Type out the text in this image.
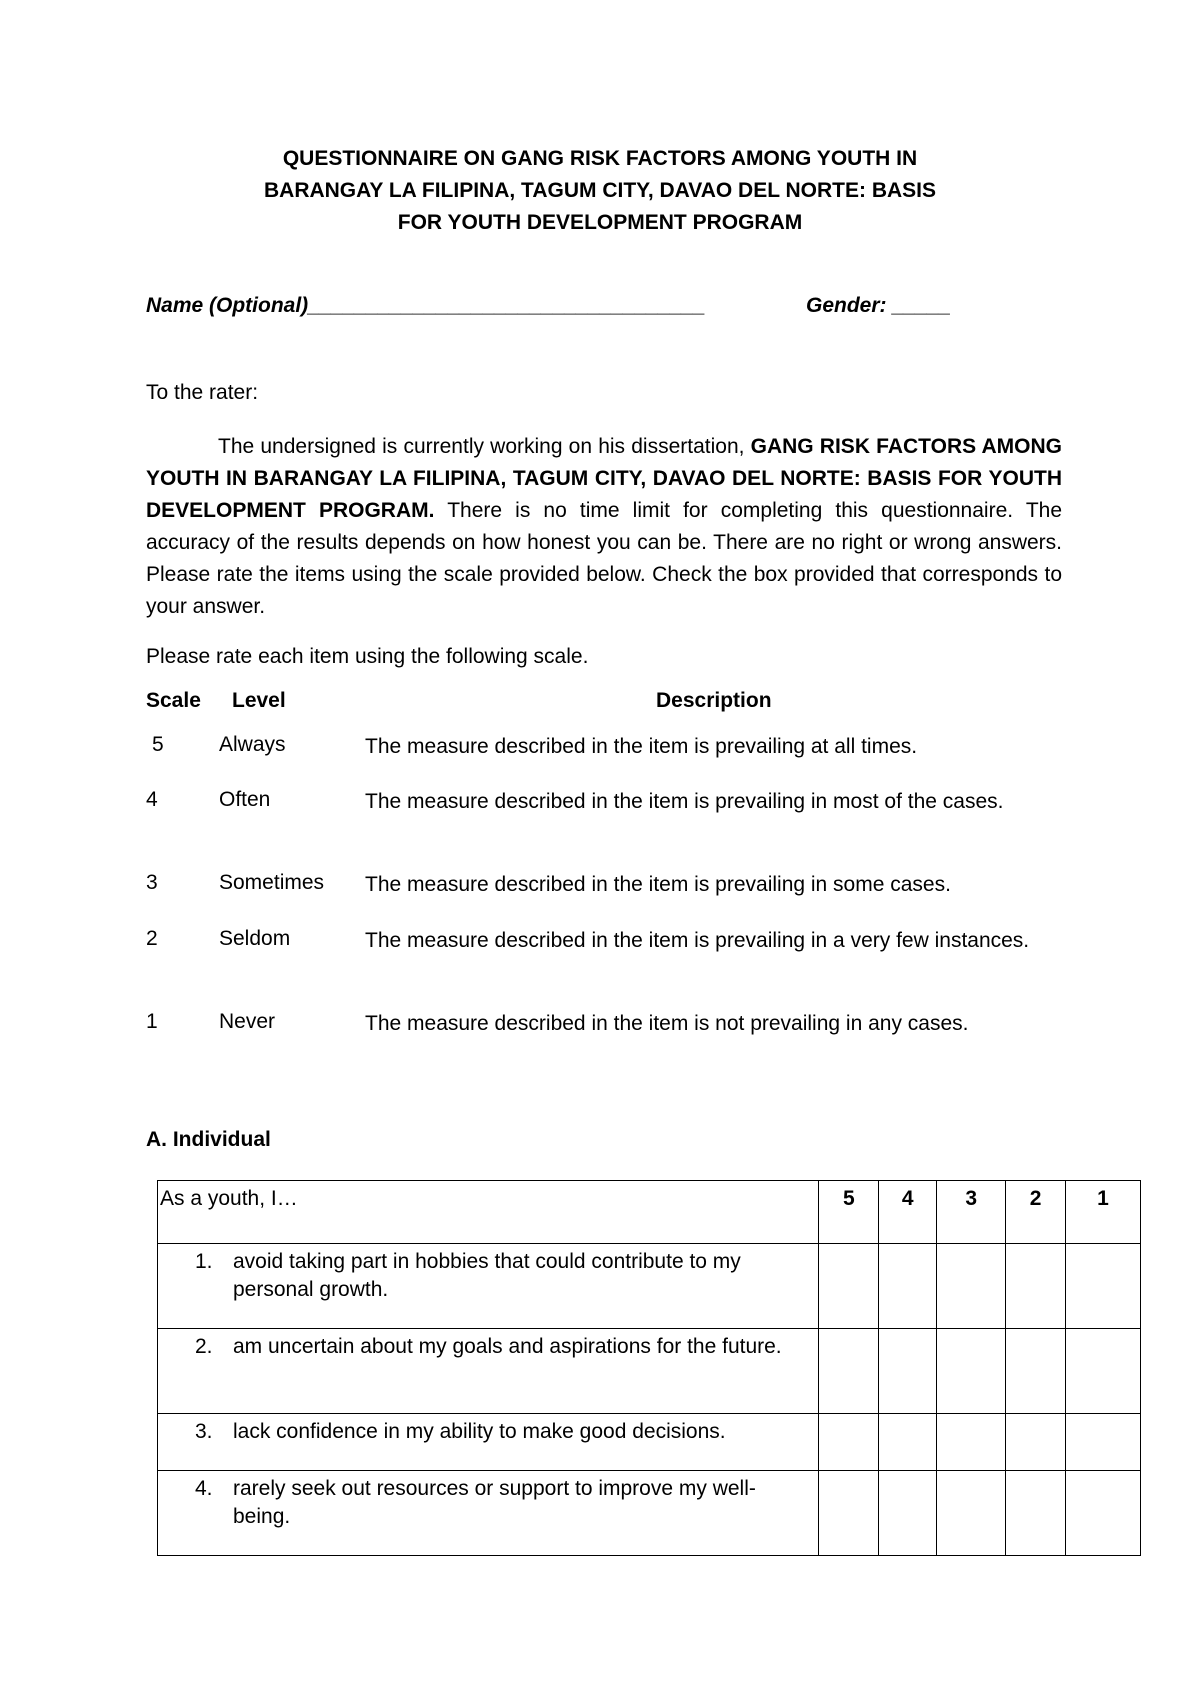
QUESTIONNAIRE ON GANG RISK FACTORS AMONG YOUTH IN
BARANGAY LA FILIPINA, TAGUM CITY, DAVAO DEL NORTE: BASIS
FOR YOUTH DEVELOPMENT PROGRAM
Name (Optional)__________________________________	Gender: _____
To the rater:
The undersigned is currently working on his dissertation, GANG RISK FACTORS AMONG YOUTH IN BARANGAY LA FILIPINA, TAGUM CITY, DAVAO DEL NORTE: BASIS FOR YOUTH DEVELOPMENT PROGRAM. There is no time limit for completing this questionnaire. The accuracy of the results depends on how honest you can be. There are no right or wrong answers. Please rate the items using the scale provided below. Check the box provided that corresponds to your answer.
Please rate each item using the following scale.
Scale Level	Description
5	Always	The measure described in the item is prevailing at all times.
4	Often	The measure described in the item is prevailing in most of the cases.
3	Sometimes The measure described in the item is prevailing in some cases.
2	Seldom	The measure described in the item is prevailing in a very few instances.
1	Never	The measure described in the item is not prevailing in any cases.
A. Individual
As a youth, I…	5	4	3	2	1

1. avoid taking part in hobbies that could contribute to my personal growth.					

2. am uncertain about my goals and aspirations for the future.					

3. lack confidence in my ability to make good decisions.					

4. rarely seek out resources or support to improve my well-being.					
